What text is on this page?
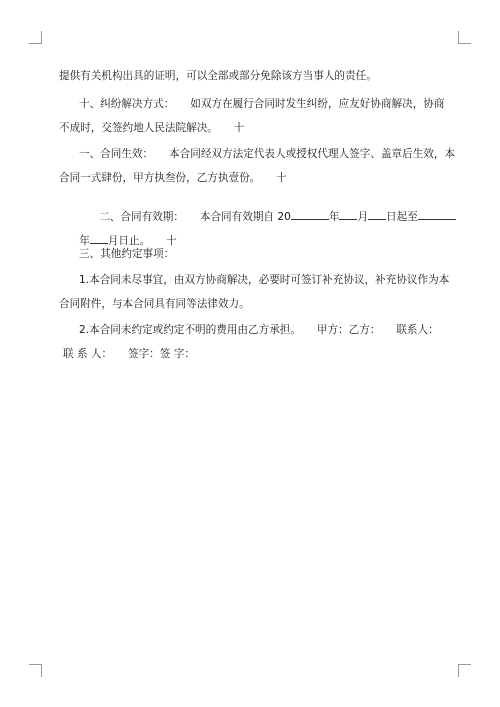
提供有关机构出具的证明，可以全部或部分免除该方当事人的责任。
十、纠纷解决方式：　　如双方在履行合同时发生纠纷，应友好协商解决，协商
不成时，交签约地人民法院解决。　　十
一、合同生效：　　本合同经双方法定代表人或授权代理人签字、盖章后生效，本
合同一式肆份，甲方执叁份，乙方执壹份。　　十

二、合同有效期：　　本合同有效期自 20	年 月 日起至

年 月日止。　　十

三、其他约定事项：
1.本合同未尽事宜，由双方协商解决，必要时可签订补充协议，补充协议作为本
合同附件，与本合同具有同等法律效力。
2.本合同未约定或约定不明的费用由乙方承担。　　甲方：乙方：　　联系人：
联 系 人：　　签字：签 字：
